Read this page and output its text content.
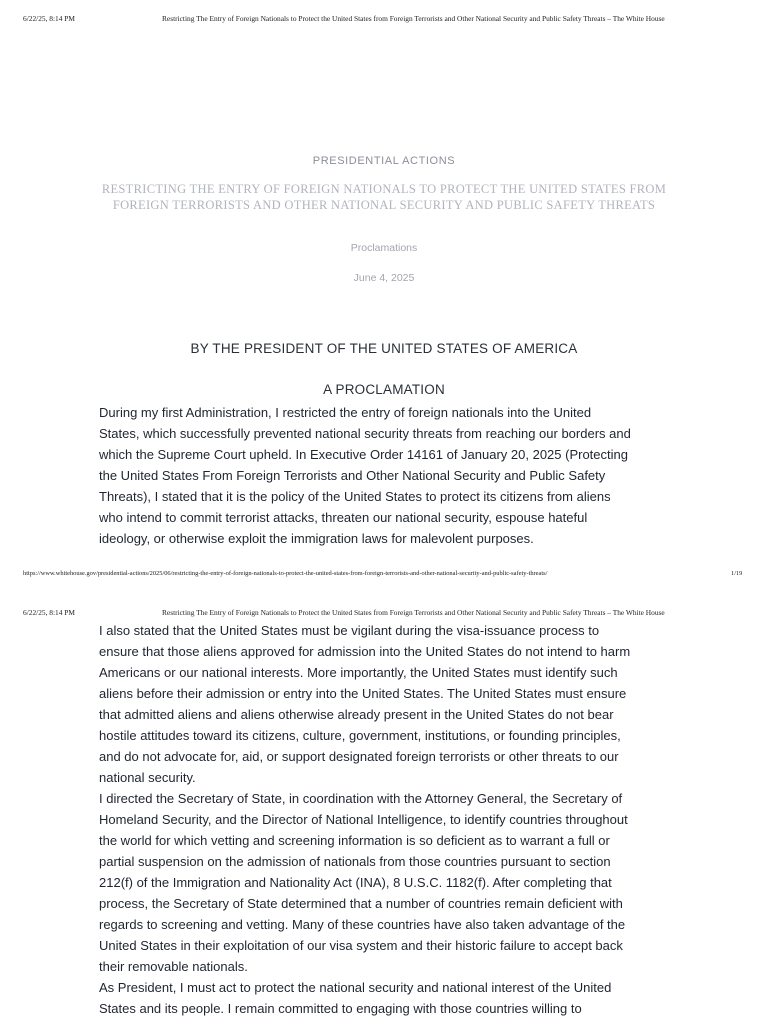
6/22/25, 8:14 PM	Restricting The Entry of Foreign Nationals to Protect the United States from Foreign Terrorists and Other National Security and Public Safety Threats – The White House
PRESIDENTIAL ACTIONS
RESTRICTING THE ENTRY OF FOREIGN NATIONALS TO PROTECT THE UNITED STATES FROM
FOREIGN TERRORISTS AND OTHER NATIONAL SECURITY AND PUBLIC SAFETY THREATS
Proclamations
June 4, 2025
BY THE PRESIDENT OF THE UNITED STATES OF AMERICA
A PROCLAMATION

During my first Administration, I restricted the entry of foreign nationals into the United
States, which successfully prevented national security threats from reaching our borders and
which the Supreme Court upheld. In Executive Order 14161 of January 20, 2025 (Protecting
the United States From Foreign Terrorists and Other National Security and Public Safety
Threats), I stated that it is the policy of the United States to protect its citizens from aliens
who intend to commit terrorist attacks, threaten our national security, espouse hateful
ideology, or otherwise exploit the immigration laws for malevolent purposes.

https://www.whitehouse.gov/presidential-actions/2025/06/restricting-the-entry-of-foreign-nationals-to-protect-the-united-states-from-foreign-terrorists-and-other-national-security-and-public-safety-threats/	1/19
6/22/25, 8:14 PM	Restricting The Entry of Foreign Nationals to Protect the United States from Foreign Terrorists and Other National Security and Public Safety Threats – The White House

I also stated that the United States must be vigilant during the visa-issuance process to
ensure that those aliens approved for admission into the United States do not intend to harm
Americans or our national interests. More importantly, the United States must identify such
aliens before their admission or entry into the United States. The United States must ensure
that admitted aliens and aliens otherwise already present in the United States do not bear
hostile attitudes toward its citizens, culture, government, institutions, or founding principles,
and do not advocate for, aid, or support designated foreign terrorists or other threats to our
national security.

I directed the Secretary of State, in coordination with the Attorney General, the Secretary of
Homeland Security, and the Director of National Intelligence, to identify countries throughout
the world for which vetting and screening information is so deficient as to warrant a full or
partial suspension on the admission of nationals from those countries pursuant to section
212(f) of the Immigration and Nationality Act (INA), 8 U.S.C. 1182(f). After completing that
process, the Secretary of State determined that a number of countries remain deficient with
regards to screening and vetting. Many of these countries have also taken advantage of the
United States in their exploitation of our visa system and their historic failure to accept back
their removable nationals.

As President, I must act to protect the national security and national interest of the United
States and its people. I remain committed to engaging with those countries willing to
